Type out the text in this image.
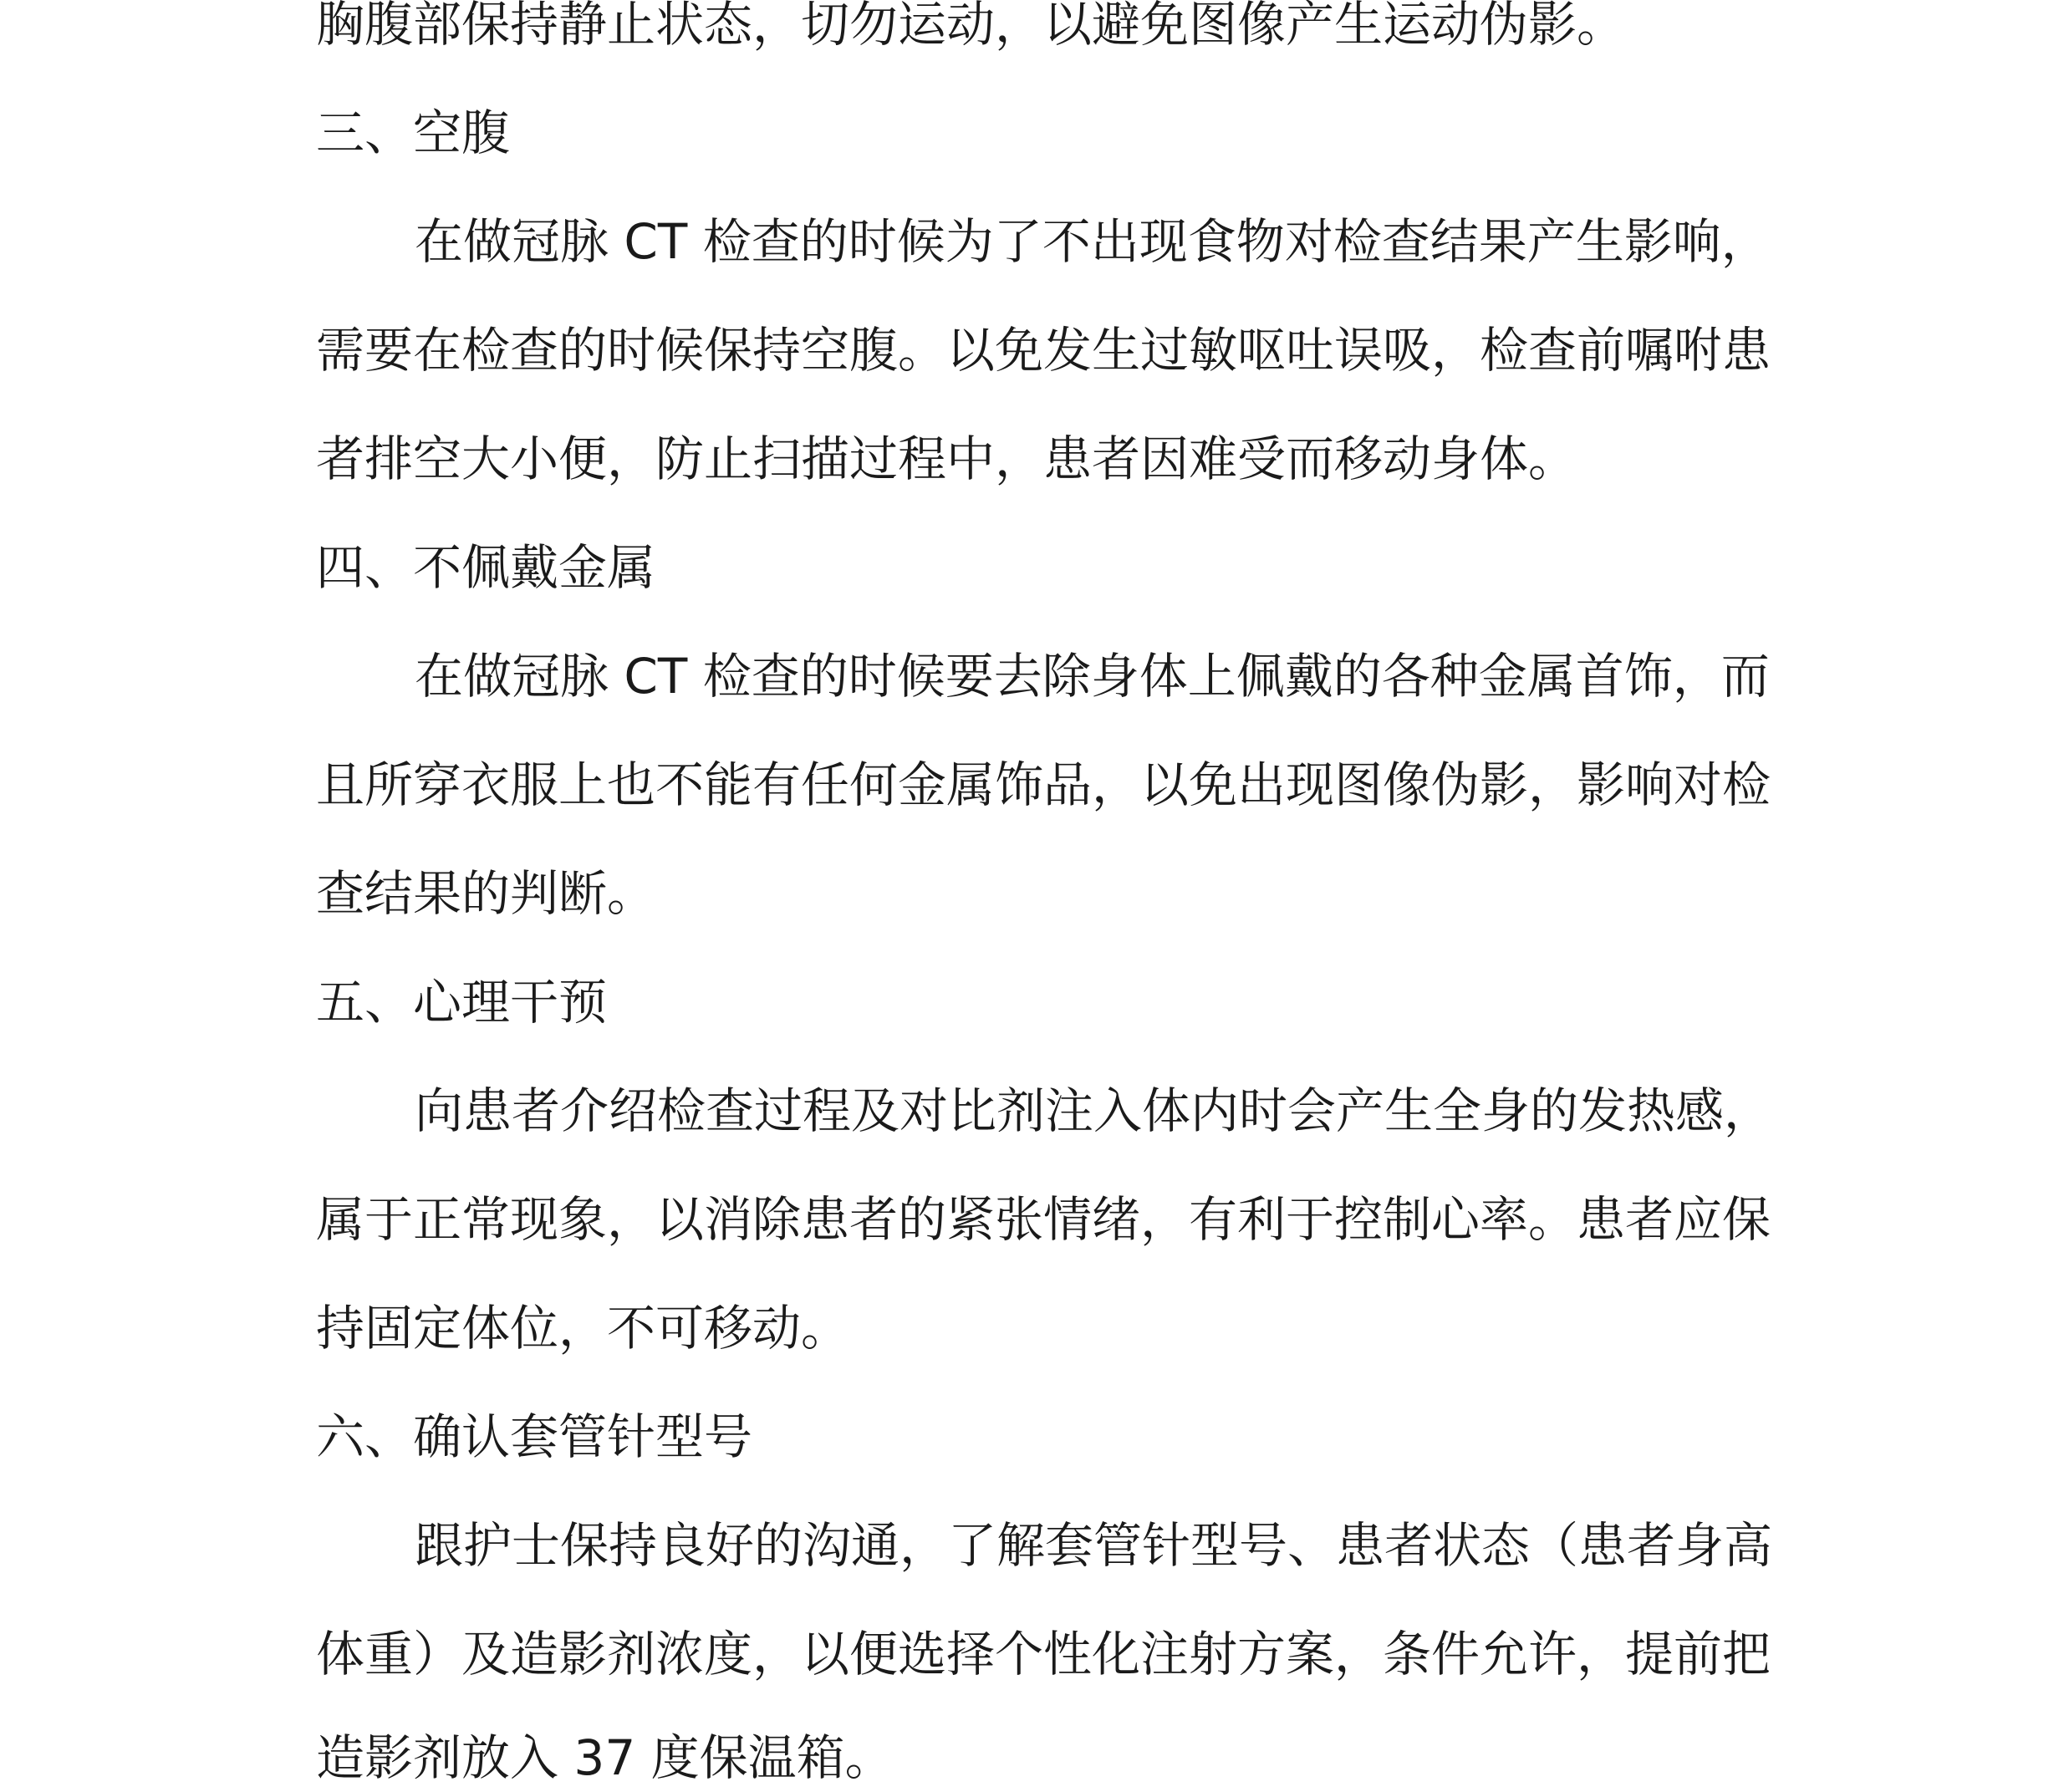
胸腹部保持静止状态，切勿运动，以避免图像产生运动伪影。

三、空腹

在做冠脉 CT 检查的时候为了不出现食物对检查结果产生影响，

需要在检查的时候保持空腹。以免发生过敏呕吐误吸，检查前嘱咐患

者排空大小便，防止扫描过程中，患者因难受而移动身体。

四、不佩戴金属

在做冠脉 CT 检查的时候要去除身体上佩戴的各种金属首饰，而

且所穿衣服上也不能有任何金属饰品，以免出现图像伪影，影响对检

查结果的判断。

五、心理干预

向患者介绍检查过程及对比剂注入体内时会产生全身的发热感，

属于正常现象，以消除患者的紧张情绪，有利于控制心率。患者应保

持固定体位，不可移动。

六、确认套管针型号

跟护士保持良好的沟通，了解套管针型号、患者状态（患者身高

体重）及造影剂浓度，以便选择个性化注射方案，条件允许，提前把

造影剂放入 37 度保温箱。
